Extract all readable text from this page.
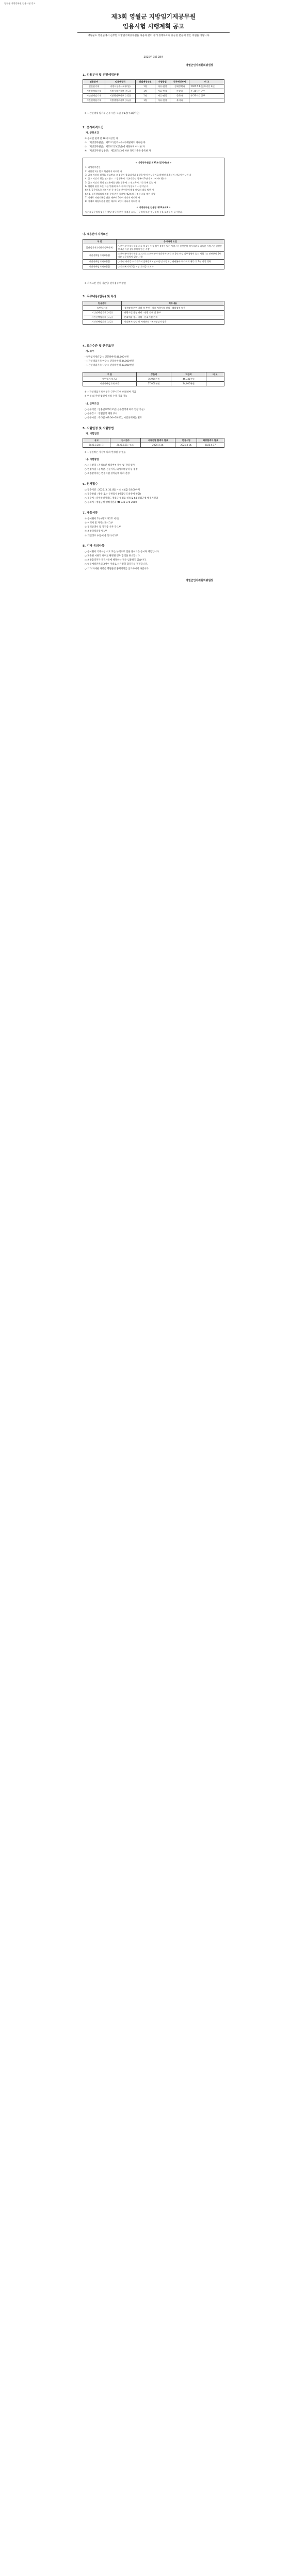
영월군 지방공무원 임용시험 공고
제3회 영월군 지방임기제공무원
임용시험 시행계획 공고
영월군도 영월군에서 근무할 지방임기제공무원을 다음과 같이 공개 경쟁하오니 유능한 분들의 많은 지원을 바랍니다.
2025년 3월 28일
영월군인사위원회위원장
1. 임용분야 및 선발예정인원
임용분야	임용예정직	선발예정인원	시험방법	근무예정부서	비 고
일반임기제	지방시설주사보 (7급)	1명	서류·면접	경제정책과	2025.5.1.(근무기간 2년)
시간선택임기제	지방시설주사보 (마급)	1명	서류·면접	관광과	주 35시간 근무
시간선택임기제	지방행정주사보 (나급)	1명	서류·면접	문화과	주 20시간 근무
시간선택임기제	지방행정주사보 (다급)	1명	서류·면접	복지과	
※ 시간선택제 임기제 근무시간 : 1일 주1간(주3회이상)
2. 응시자격요건
가. 공통요건

① 공고일 현재 만 18세 이상인 자

② 「지방공무원법」 제31조(결격사유)에 해당하지 아니한 자

③ 「지방공무원법」 제65조의3(정년)에 해당하지 아니한 자

④ 「지방공무원 임용령」 제22조의3에 따른 경력기준을 충족한 자

< 지방공무원법 제31조(결격사유) >
1. 피성년후견인
2. 파산선고를 받고 복권되지 아니한 자
3. 금고 이상의 실형을 선고받고 그 집행이 종료되거나 집행을 받지 아니하기로 확정된 후 5년이 지나지 아니한 자
4. 금고 이상의 형을 선고받고 그 집행유예 기간이 끝난 날부터 2년이 지나지 아니한 자
5. 금고 이상의 형의 선고유예를 받은 경우에 그 선고유예 기간 중에 있는 자
6. 법원의 판결 또는 다른 법률에 따라 자격이 상실되거나 정지된 자
6의2. 공무원으로 재직기간 중 직무와 관련하여 횡령·배임의 죄를 범한 자
6의3. 성폭력범죄의 처벌 등에 관한 특례법 제2조에 규정된 죄를 범한 사람
7. 징계로 파면처분을 받은 때부터 5년이 지나지 아니한 자
8. 징계로 해임처분을 받은 때부터 3년이 지나지 아니한 자
< 지방공무원 임용령 제22조의3 >
임기제공무원의 임용은 해당 직무에 관한 자격증 소지, 근무경력 또는 연구실적 등을 고려하여 실시한다.
나. 채용분야 자격요건
구 분	응시자격 요건
일반임기제 (지방시설주사보)	○ 관련분야 학사학위 취득 후 1년 이상 실무경력이 있는 사람 / ○ 관련분야 석사학위를 취득한 사람 / ○ 관련분야 3년 이상 실무경력이 있는 사람
시간선택임기제 (마급)	○ 관련분야 학사학위 소지자 / ○ 관련분야 전문학사 취득 후 1년 이상 실무경력이 있는 사람 / ○ 관련분야 2년 이상 실무경력이 있는 사람
시간선택임기제 (나급)	○ 관련 자격증 소지자로서 실무경력 4년 이상인 사람 / ○ 관련분야 학사학위 취득 후 2년 이상 경력
시간선택임기제 (다급)	○ 사회복지사 2급 이상 자격증 소지자
※ 자격요건 산정 기준일: 원서접수 마감일
3. 직무내용(업무) 및 특성
임용분야	직무내용
일반임기제	· 경제정책 관련 기획 및 추진 · 각종 지원사업 관리 · 대외협력 업무
시간선택임기제 (마급)	· 관광시설 운영 관리 · 관광 안내 및 홍보
시간선택임기제 (나급)	· 문화예술 행사 기획 · 문화시설 관리
시간선택임기제 (다급)	· 사회복지 상담 및 사례관리 · 복지대상자 발굴
4. 보수수준 및 근무조건
가. 보수

- 일반임기제(7급) : 연봉하한액 46,000천원

- 시간선택임기제(마급) : 연봉하한액 34,000천원

- 시간선택임기제(나급) : 연봉하한액 30,000천원

구 분	상한액	하한액	비 고
일반임기제 7급	76,964천원	46,335천원	
시간선택임기제 마급	57,000천원	34,000천원	

※ 시간선택임기제 연봉은 근무시간에 비례하여 지급

※ 연봉 외 관련 법령에 따라 수당 지급 가능

나. 근무조건

○ 근무기간 : 임용일로부터 2년 (근무실적에 따라 연장 가능)

○ 근무장소 : 영월군청 해당 부서

○ 근무시간 : 주 5일 (09:00~18:00), 시간선택제는 별도

5. 시험일정 및 시험방법
가. 시험일정
공고	원서접수	서류전형 합격자 발표	면접시험	최종합격자 발표
2025.3.28.(금)	2025.3.31.~4.4.	2025.4.10.	2025.4.14.	2025.4.17.
※ 시험일정은 사정에 따라 변경될 수 있음
나. 시험방법

○ 서류전형 : 자격요건 적격여부 확인 및 경력 평가

○ 면접시험 : 공직관, 전문지식, 의사소통능력 등 평정

○ 최종합격자는 면접시험 성적순에 따라 결정

6. 원서접수

○ 접수기간 : 2025. 3. 31.(월) ~ 4. 4.(금) 18:00까지

○ 접수방법 : 방문 또는 우편접수 (마감일 도착분에 한함)

○ 접수처 : 강원특별자치도 영월군 영월읍 하송로 64 영월군청 행정지원과

○ 문의처 : 영월군청 행정지원과 ☎ 033-370-2000

7. 제출서류

① 응시원서 1부 (별지 제1호 서식)

② 이력서 및 자기소개서 1부

③ 경력증명서 및 자격증 사본 각 1부

④ 최종학력증명서 1부

⑤ 개인정보 수집·이용 동의서 1부

8. 기타 유의사항

○ 응시원서 기재사항 착오 또는 누락으로 인한 불이익은 응시자 책임입니다.

○ 제출된 서류가 허위로 판명된 경우 합격을 취소합니다.

○ 최종합격자가 결격사유에 해당하는 경우 임용하지 않습니다.

○ 임용예정인원의 3배수 이내로 서류전형 합격자를 결정합니다.

○ 기타 자세한 사항은 영월군청 홈페이지를 참조하시기 바랍니다.

영월군인사위원회위원장
